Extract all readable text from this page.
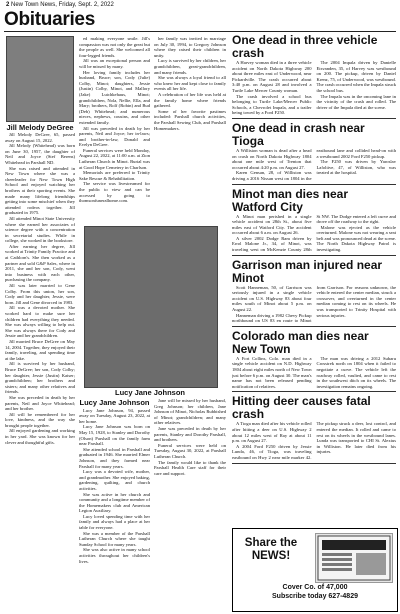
2 New Town News, Friday, Sept. 2, 2022
Obituaries
Jill Melody DeGree

Jill Melody DeGree, 65, passed away on August 15, 2022.

Jill Melody (Whitehead) was born on June 30, 1957, the daughter of Neil and Joyce (Stef Berens) Whitehead in Parshall ND.

She was raised and attended in New Town where she was a cheerleader for New Town High School and enjoyed watching her brothers at their sporting events. She made many lifelong friendships getting into some mischief when they attended rodeos together. Jill graduated in 1975.

Jill attended Minot State University where she earned her associates of science degree with a concentration in secretarial studies. While in college, she worked in the bookstore.

After earning her degree, Jill worked at Trinity Family Practice and at Cathlorn's. She then worked as a partner and sold G&P Sales, where in 2011, she and her son, Cody, went into business with each other, purchasing the company.

Jill was later married to Gene Colby. From this union, her son, Cody and her daughter, Jessie, were born. Jill and Gene divorced in 1983.

Jill was a devoted mother. She worked hard to make sure her children had everything they needed. She was always willing to help out. She was always there for Cody and Jessie and her grandchildren.

Jill married Bruce DeGree on May 14, 2004. Together, they enjoyed their family, traveling, and spending time at the lake.

Jill is survived by her husband, Bruce DeGree; her son, Cody Colby; her daughter, Jessie (Justin) Kaiser; grandchildren; her brothers and sisters; and many other relatives and friends.

She was preceded in death by her parents, Neil and Joyce Whitehead; and her brother.

Jill will be remembered for her love, kindness, and the way she brought people together.

Jill enjoyed gardening and working in her yard. She was known for her clever and thoughtful gifts.

ed making everyone smile. Jill's compassion was not only the great but the people as well. She welcomed all four-legged friends.

Jill was an exceptional person and will be missed by many.

Her loving family includes her husband, Bruce; son, Cody (Julie) Colby, Minot; daughters, Jessie (Justin) Colby, Minot, and Mallory (Jake) Lutchkehaus, Minot; grandchildren, Nola, Nellie, Ella, and Mary; brothers, Rolf (Robin) and Bud (Deb) Whitehead; and numerous nieces, nephews, cousins, and other extended family.

Jill was preceded in death by her parents, Neil and Joyce; her in-laws; and brother-in-law, Donald and Evelyn DeGree.

Funeral services were held Monday, August 22, 2022, at 11:00 a.m. at Zion Lutheran Church in Minot. Burial was at Good Hope Cemetery in Charlson.

Memorials are preferred to Trinity Sake Rescue & Rehabilitation.

The service was livestreamed for the public to view and can be accessed by going to thomsonfuneralhome.com.

Lucy Jane Johnson
Lucy Jane Johnson

Lucy Jane Johnson, 94, passed away on Tuesday, August 23, 2022, at her home.

Lucy Jane Johnson was born on May 15, 1928, to Stanley and Dorothy (Olson) Parshall on the family farm near Parshall.

She attended school in Parshall and graduated in 1946. She married Elmer Johnson, and they farmed near Parshall for many years.

Lucy was a devoted wife, mother, and grandmother. She enjoyed baking, gardening, quilting, and church activities.

She was active in her church and community and a longtime member of the Homemakers club and American Legion Auxiliary.

Lucy loved spending time with her family and always had a place at her table for everyone.

She was a member of the Parshall Lutheran Church where she taught Sunday School for many years.

She was also active in many school activities throughout her children's lives.

her family was invited in marriage on July 30, 1994, to Gregory Johnson where they raised their children in unity.

Lucy is survived by her children, her grandchildren, great-grandchildren, and many friends.

She was always a loyal friend to all who knew her and kept close to family events all her life.

A celebration of her life was held at the family home where friends gathered.

Some of her favorite pastimes included: Parshall church activities, the Parshall Sewing Club, and Parshall Homemakers.

Jane will be missed by her husband, Greg Johnson; her children, Jane Johnson of Minot, Nicholas Rubbished of Minot; grandchildren; and many other relatives.

Jane was preceded in death by her parents, Stanley and Dorothy Parshall, and brothers.

Funeral services were held on Tuesday, August 30, 2022, at Parshall Lutheran Church.

The family would like to thank the Parshall Health Care staff for their care and support.

One dead in three vehicle crash

A Harvey woman died in a three vehicle accident on North Dakota Highway 200 about three miles east of Underwood, near Pickardville. The crash occurred about 3:40 p.m. on August 28 and involved a Turtle Lake Mercer County woman.

The crash involved a school bus belonging to Turtle Lake/Mercer Public Schools, a Chevrolet Impala, and a trailer being towed by a Ford F250.

The 2004 Impala driven by Danielle Eisvanden, 35, of Harvey was westbound on 200. The pickup, driven by Daniel Krenz, 75, of Underwood, was westbound. The crash occurred when the Impala struck the school bus.

The Impala was in the oncoming lane in the vicinity of the crash and rolled. The driver of the Impala died at the scene.

One dead in crash near Tioga

A Williston woman is dead after a head on crash on North Dakota Highway 1804 about one mile west of Trenton that occurred about 4:20 p.m. on August 27.

Karen Gensan, 28, of Williston was driving a 2016 Nissan west on 1804 in the eastbound lane and collided head-on with a westbound 2002 Ford F250 pickup.

The F250 was driven by Yaroslav Lafoltive, 47, of Williston, who was treated at the hospital.

Minot man dies near Watford City

A Minot man perished in a single vehicle accident on 28th St., about five miles east of Watford City. The accident occurred about 6 a.m. on August 26.

A silver 2002 Dodge Ram driven by Errol Malone Jr., 34, of Minot, was traveling west on McKenzie County 28th St NW. The Dodge entered a left curve and drove off the roadway to the right.

Malone was ejected as the vehicle overturned. Malone was not wearing a seat belt and was pronounced dead at the scene. The North Dakota Highway Patrol is investigating.

Garrison man injured near Minot

Scott Hanneman, 50, of Garrison was seriously injured in a single vehicle accident on U.S. Highway 83 about four miles south of Minot about 5 p.m. on August 22.

Hanneman driving a 1982 Chevy Pickup northbound on US 83 en route to Minot from Garrison. For reasons unknown, the vehicle entered the center median, struck a crossover, and overturned in the center median coming to rest on its wheels. He was transported to Trinity Hospital with serious injuries.

Colorado man dies near New Town

A Fort Collins, Colo. man died in a single vehicle accident on N.D. Highway 1804 about eight miles north of New Town just before 6 p.m. on August 30. The man's name has not been released pending notification of relatives.

The man was driving a 2012 Subaru Crosstrek north on 1804 when it failed to negotiate a curve. The vehicle left the roadway rolled, vaulted, and came to rest in the southwest ditch on its wheels. The investigation remains ongoing.

Hitting deer causes fatal crash

A Tioga man died after his vehicle rolled after hitting a deer on U.S. Highway 2 about 12 miles west of Ray at about 11 p.m. on August 27.

A 2004 Ford F250 driven by Jessie Lunda, 46, of Tioga, was traveling eastbound on Hwy 2 near mile marker 42. The pickup struck a deer, lost control, and entered the median. It rolled and came to rest on its wheels in the westbound lanes. Lunda was transported to CHI St. Alexius in Williston. He later died from his injuries.

Share the NEWS!
Cover Co. of 47,000
Subscribe today 627-4829
